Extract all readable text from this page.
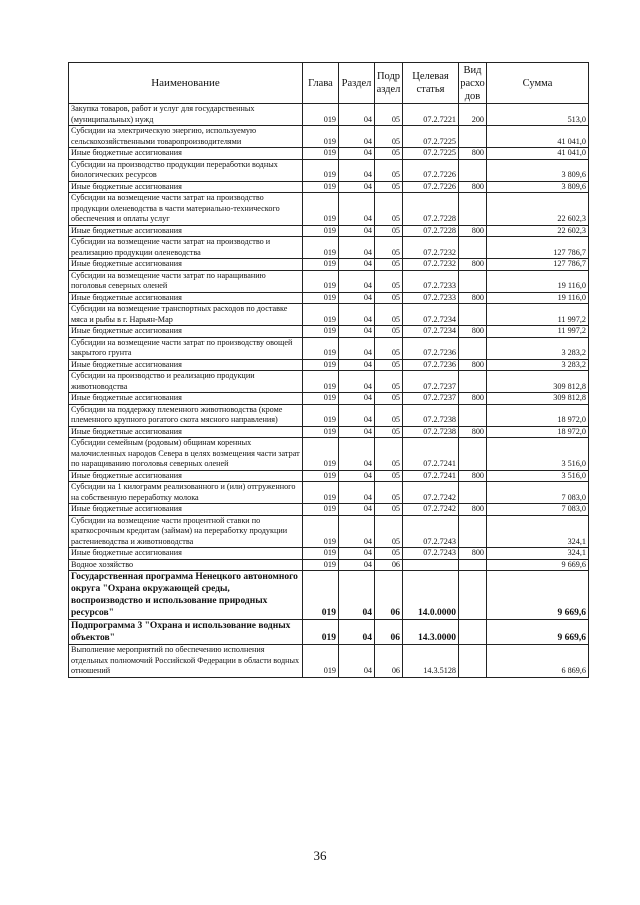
Наименование	Глава	Раздел	Подр аздел	Целевая статья	Вид расхо дов	Сумма
Закупка товаров, работ и услуг для государственных (муниципальных) нужд	019	04	05	07.2.7221	200	513,0
Субсидии на электрическую энергию, используемую сельскохозяйственными товаропроизводителями	019	04	05	07.2.7225		41 041,0
Иные бюджетные ассигнования	019	04	05	07.2.7225	800	41 041,0
Субсидии на производство продукции переработки водных биологических ресурсов	019	04	05	07.2.7226		3 809,6
Иные бюджетные ассигнования	019	04	05	07.2.7226	800	3 809,6
Субсидии на возмещение части затрат на производство продукции оленеводства в части материально-технического обеспечения и оплаты услуг	019	04	05	07.2.7228		22 602,3
Иные бюджетные ассигнования	019	04	05	07.2.7228	800	22 602,3
Субсидии на возмещение части затрат на производство и реализацию продукции оленеводства	019	04	05	07.2.7232		127 786,7
Иные бюджетные ассигнования	019	04	05	07.2.7232	800	127 786,7
Субсидии на возмещение части затрат по наращиванию поголовья северных оленей	019	04	05	07.2.7233		19 116,0
Иные бюджетные ассигнования	019	04	05	07.2.7233	800	19 116,0
Субсидии на возмещение транспортных расходов по доставке мяса и рыбы в г. Нарьян-Мар	019	04	05	07.2.7234		11 997,2
Иные бюджетные ассигнования	019	04	05	07.2.7234	800	11 997,2
Субсидии на возмещение части затрат по производству овощей закрытого грунта	019	04	05	07.2.7236		3 283,2
Иные бюджетные ассигнования	019	04	05	07.2.7236	800	3 283,2
Субсидии на производство и реализацию продукции животноводства	019	04	05	07.2.7237		309 812,8
Иные бюджетные ассигнования	019	04	05	07.2.7237	800	309 812,8
Субсидии на поддержку племенного животноводства (кроме племенного крупного рогатого скота мясного направления)	019	04	05	07.2.7238		18 972,0
Иные бюджетные ассигнования	019	04	05	07.2.7238	800	18 972,0
Субсидии семейным (родовым) общинам коренных малочисленных народов Севера в целях возмещения части затрат по наращиванию поголовья северных оленей	019	04	05	07.2.7241		3 516,0
Иные бюджетные ассигнования	019	04	05	07.2.7241	800	3 516,0
Субсидии на 1 килограмм реализованного и (или) отгруженного на собственную переработку молока	019	04	05	07.2.7242		7 083,0
Иные бюджетные ассигнования	019	04	05	07.2.7242	800	7 083,0
Субсидии на возмещение части процентной ставки по краткосрочным кредитам (займам) на переработку продукции растениеводства и животноводства	019	04	05	07.2.7243		324,1
Иные бюджетные ассигнования	019	04	05	07.2.7243	800	324,1
Водное хозяйство	019	04	06			9 669,6
Государственная программа Ненецкого автономного округа "Охрана окружающей среды, воспроизводство и использование природных ресурсов"	019	04	06	14.0.0000		9 669,6
Подпрограмма 3 "Охрана и использование водных объектов"	019	04	06	14.3.0000		9 669,6
Выполнение мероприятий по обеспечению исполнения отдельных полномочий Российской Федерации в области водных отношений	019	04	06	14.3.5128		6 869,6
36
